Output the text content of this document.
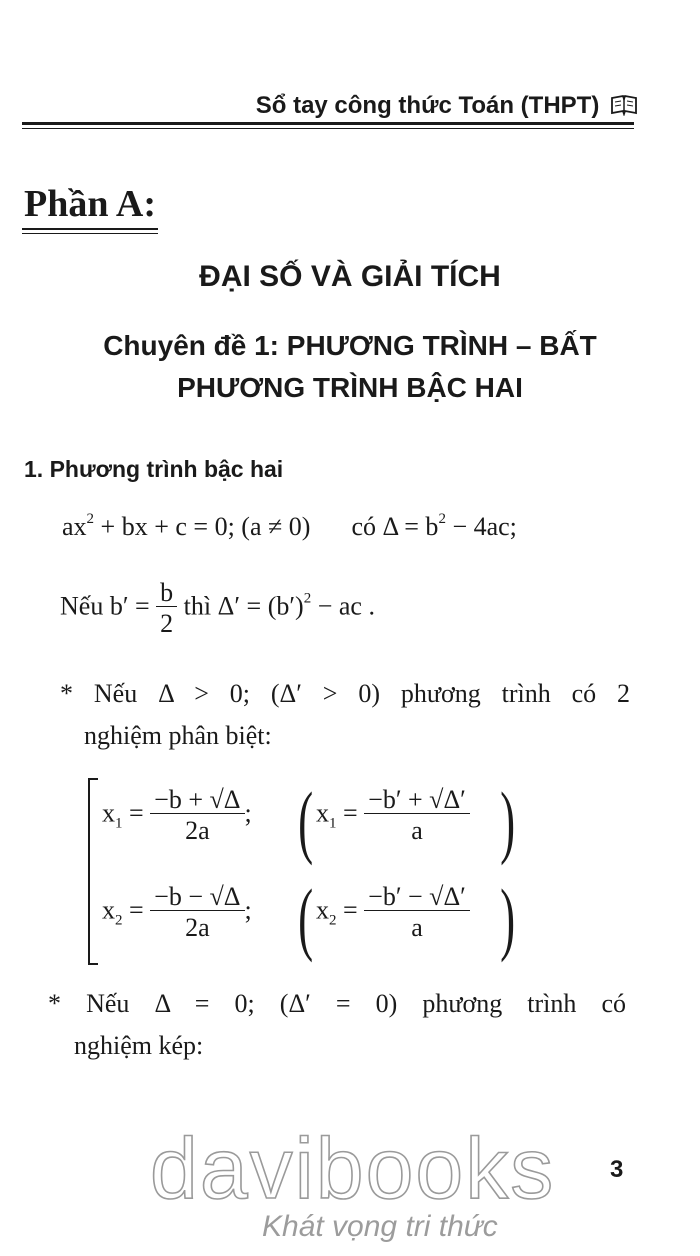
Sổ tay công thức Toán (THPT)
Phần A:
ĐẠI SỐ VÀ GIẢI TÍCH
Chuyên đề 1: PHƯƠNG TRÌNH – BẤT
PHƯƠNG TRÌNH BẬC HAI
1. Phương trình bậc hai
$ax^2$ + bx + c = 0; (a ≠ 0) có $\Delta = b^2 - 4ac$;
Nếu $b' = \frac{b}{2}$ thì $\Delta' = (b')^2$ − ac .
* Nếu Δ > 0; (Δ′ > 0) phương trình có 2
nghiệm phân biệt:
$x_1 = \frac{-b + √\Delta}{2a}$ ; ( $x_1 = \frac{-b' + √\Delta'}{a}$ )
$x_2 = \frac{-b - √\Delta}{2a}$ ; ( $x_2 = \frac{-b' - √\Delta'}{a}$ )
* Nếu Δ = 0; (Δ′ = 0) phương trình có
nghiệm kép:
davibooks
Khát vọng tri thức
3
